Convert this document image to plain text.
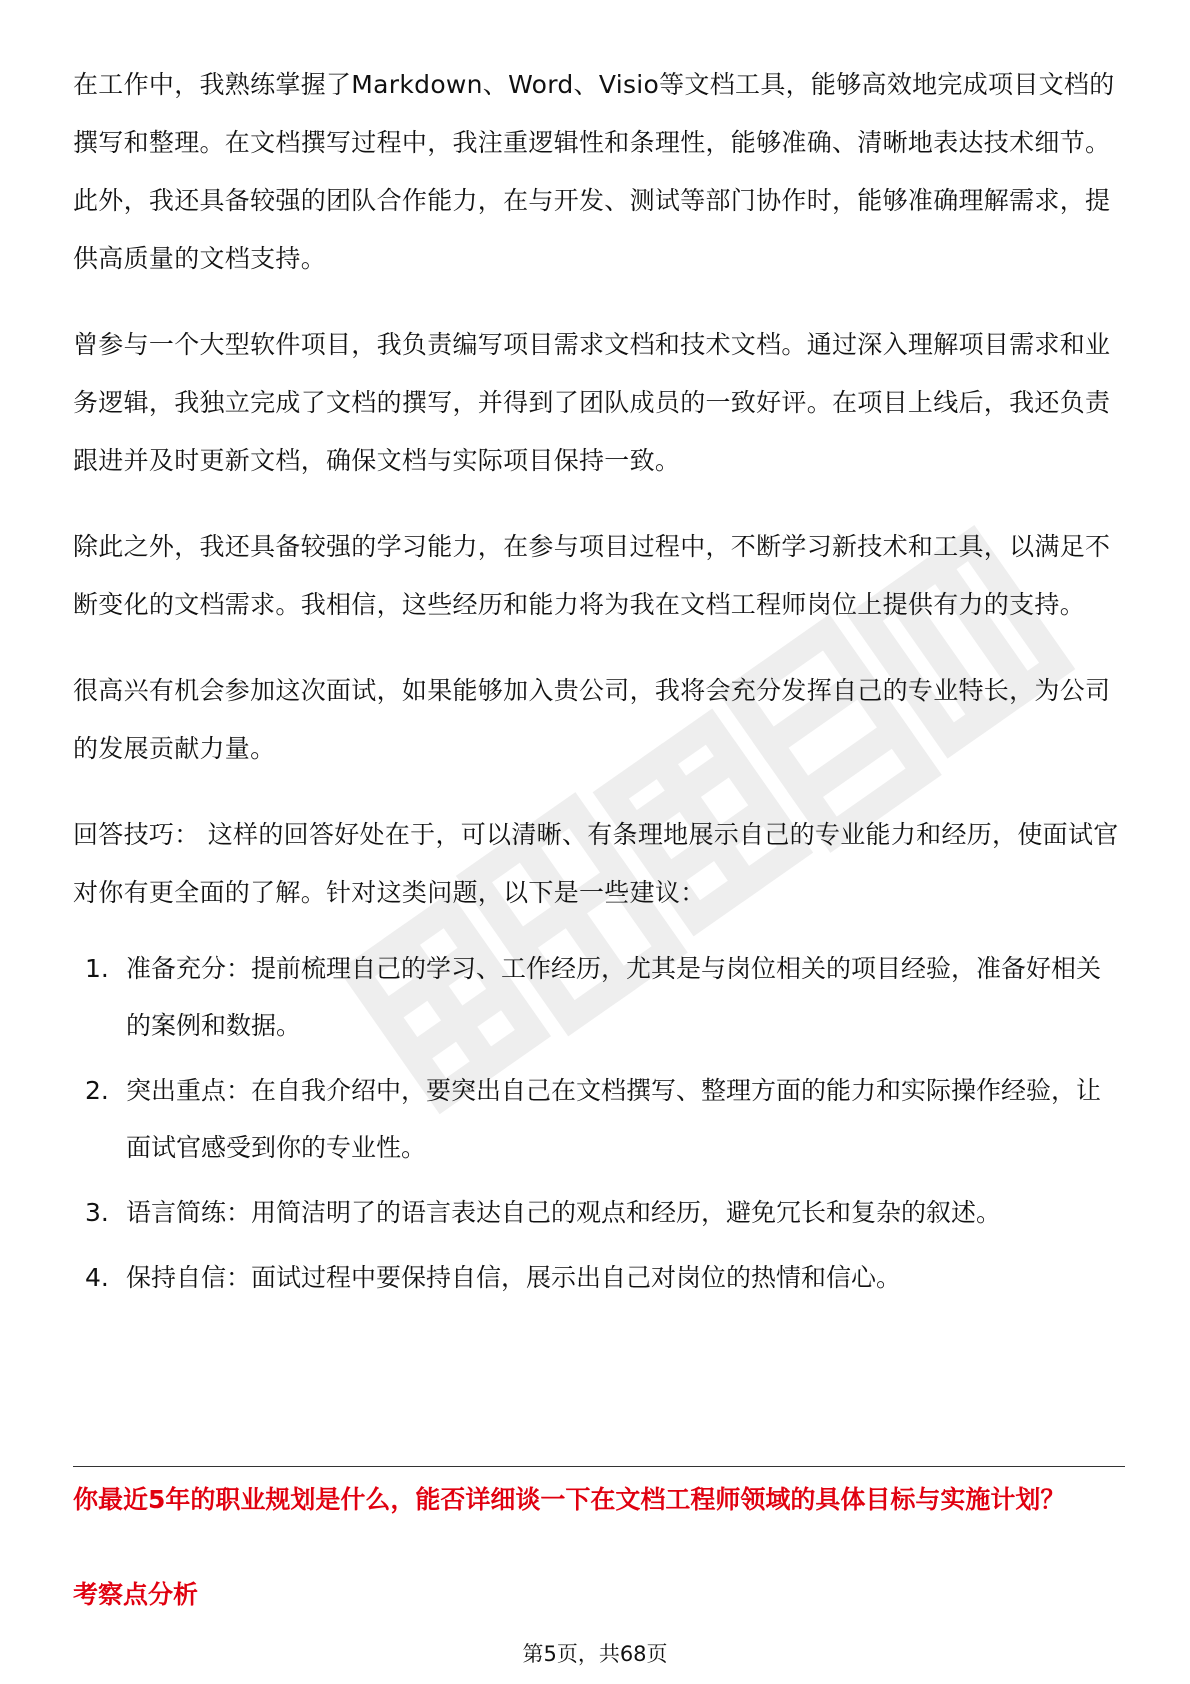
在工作中，我熟练掌握了Markdown、Word、Visio等文档工具，能够高效地完成项目文档的撰写和整理。在文档撰写过程中，我注重逻辑性和条理性，能够准确、清晰地表达技术细节。此外，我还具备较强的团队合作能力，在与开发、测试等部门协作时，能够准确理解需求，提供高质量的文档支持。

曾参与一个大型软件项目，我负责编写项目需求文档和技术文档。通过深入理解项目需求和业务逻辑，我独立完成了文档的撰写，并得到了团队成员的一致好评。在项目上线后，我还负责跟进并及时更新文档，确保文档与实际项目保持一致。

除此之外，我还具备较强的学习能力，在参与项目过程中，不断学习新技术和工具，以满足不断变化的文档需求。我相信，这些经历和能力将为我在文档工程师岗位上提供有力的支持。

很高兴有机会参加这次面试，如果能够加入贵公司，我将会充分发挥自己的专业特长，为公司的发展贡献力量。

回答技巧： 这样的回答好处在于，可以清晰、有条理地展示自己的专业能力和经历，使面试官对你有更全面的了解。针对这类问题，以下是一些建议：

1. 准备充分：提前梳理自己的学习、工作经历，尤其是与岗位相关的项目经验，准备好相关的案例和数据。
2. 突出重点：在自我介绍中，要突出自己在文档撰写、整理方面的能力和实际操作经验，让面试官感受到你的专业性。
3. 语言简练：用简洁明了的语言表达自己的观点和经历，避免冗长和复杂的叙述。
4. 保持自信：面试过程中要保持自信，展示出自己对岗位的热情和信心。
你最近5年的职业规划是什么，能否详细谈一下在文档工程师领域的具体目标与实施计划？
考察点分析
第5页，共68页
